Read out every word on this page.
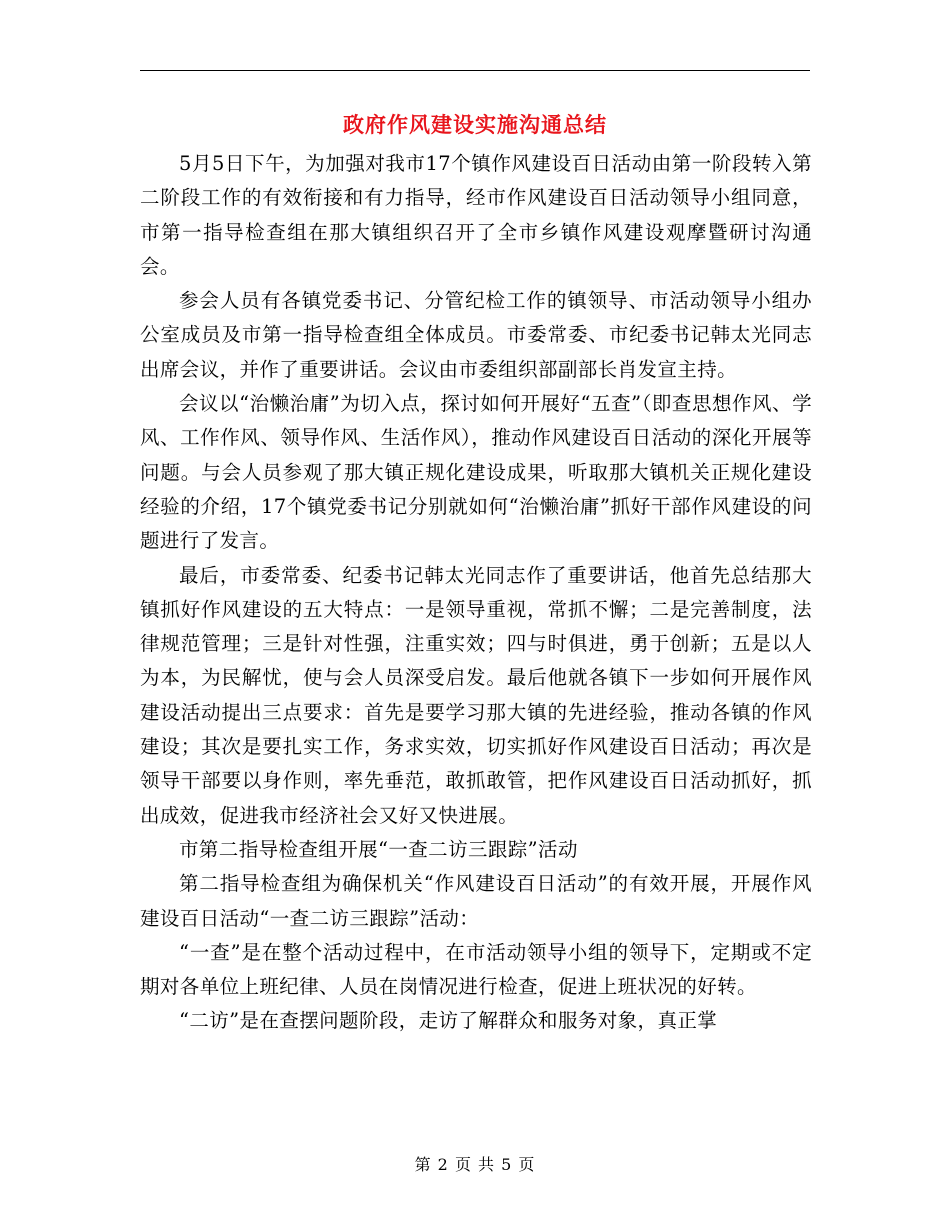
政府作风建设实施沟通总结

5月5日下午，为加强对我市17个镇作风建设百日活动由第一阶段转入第二阶段工作的有效衔接和有力指导，经市作风建设百日活动领导小组同意，市第一指导检查组在那大镇组织召开了全市乡镇作风建设观摩暨研讨沟通会。

参会人员有各镇党委书记、分管纪检工作的镇领导、市活动领导小组办公室成员及市第一指导检查组全体成员。市委常委、市纪委书记韩太光同志出席会议，并作了重要讲话。会议由市委组织部副部长肖发宣主持。

会议以“治懒治庸”为切入点，探讨如何开展好“五查”（即查思想作风、学风、工作作风、领导作风、生活作风），推动作风建设百日活动的深化开展等问题。与会人员参观了那大镇正规化建设成果，听取那大镇机关正规化建设经验的介绍，17个镇党委书记分别就如何“治懒治庸”抓好干部作风建设的问题进行了发言。

最后，市委常委、纪委书记韩太光同志作了重要讲话，他首先总结那大镇抓好作风建设的五大特点：一是领导重视，常抓不懈；二是完善制度，法律规范管理；三是针对性强，注重实效；四与时俱进，勇于创新；五是以人为本，为民解忧，使与会人员深受启发。最后他就各镇下一步如何开展作风建设活动提出三点要求：首先是要学习那大镇的先进经验，推动各镇的作风建设；其次是要扎实工作，务求实效，切实抓好作风建设百日活动；再次是领导干部要以身作则，率先垂范，敢抓敢管，把作风建设百日活动抓好，抓出成效，促进我市经济社会又好又快进展。

市第二指导检查组开展“一查二访三跟踪”活动

第二指导检查组为确保机关“作风建设百日活动”的有效开展，开展作风建设百日活动“一查二访三跟踪”活动：

“一查”是在整个活动过程中，在市活动领导小组的领导下，定期或不定期对各单位上班纪律、人员在岗情况进行检查，促进上班状况的好转。

“二访”是在查摆问题阶段，走访了解群众和服务对象，真正掌

第 2 页 共 5 页
